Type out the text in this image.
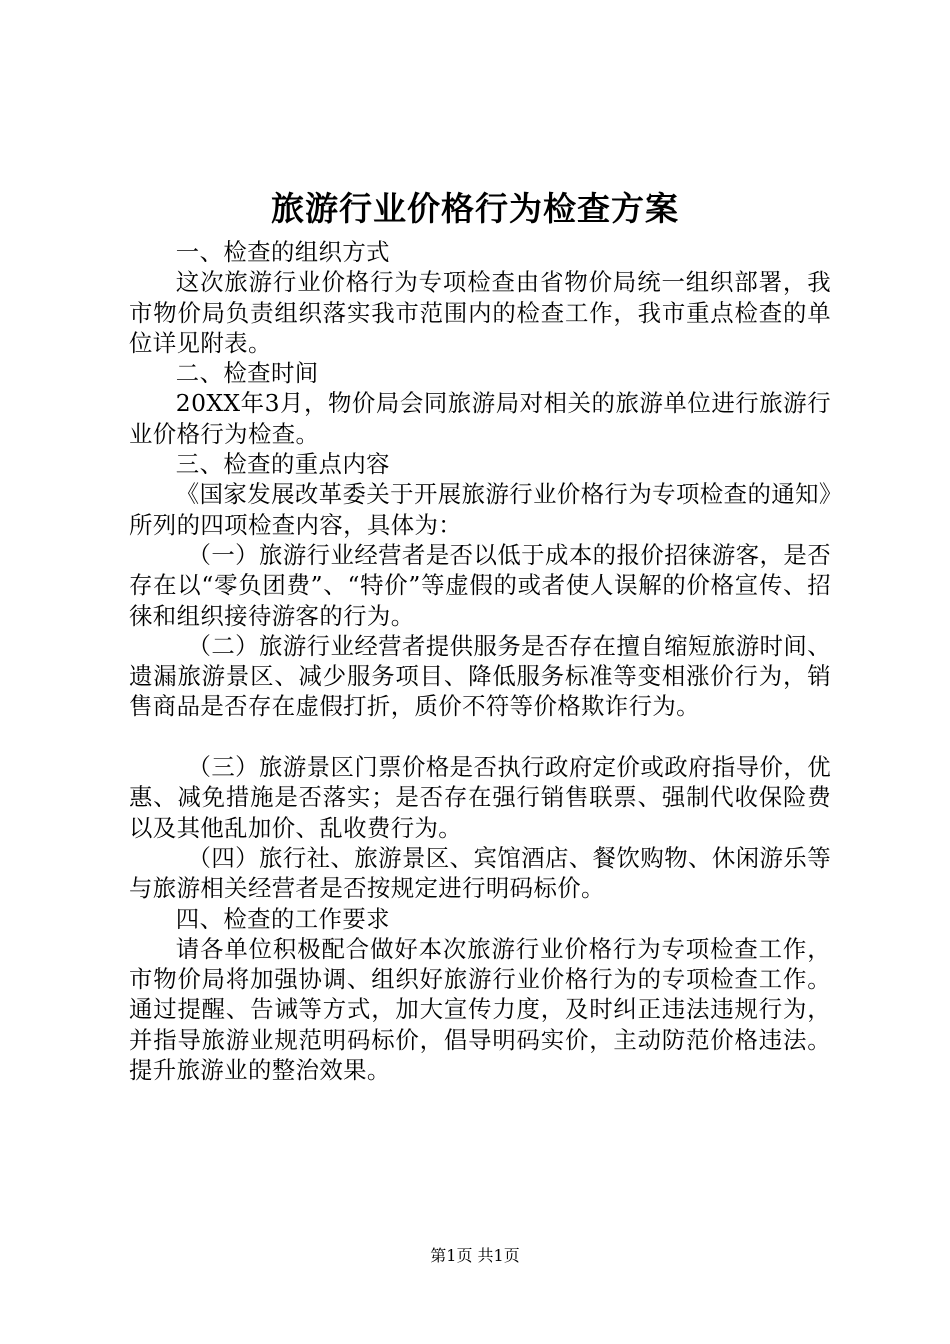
旅游行业价格行为检查方案

一、检查的组织方式

这次旅游行业价格行为专项检查由省物价局统一组织部署，我市物价局负责组织落实我市范围内的检查工作，我市重点检查的单位详见附表。

二、检查时间

20XX年3月，物价局会同旅游局对相关的旅游单位进行旅游行业价格行为检查。

三、检查的重点内容

《国家发展改革委关于开展旅游行业价格行为专项检查的通知》所列的四项检查内容，具体为：

（一）旅游行业经营者是否以低于成本的报价招徕游客，是否存在以“零负团费”、“特价”等虚假的或者使人误解的价格宣传、招徕和组织接待游客的行为。

（二）旅游行业经营者提供服务是否存在擅自缩短旅游时间、遗漏旅游景区、减少服务项目、降低服务标准等变相涨价行为，销售商品是否存在虚假打折，质价不符等价格欺诈行为。

（三）旅游景区门票价格是否执行政府定价或政府指导价，优惠、减免措施是否落实；是否存在强行销售联票、强制代收保险费以及其他乱加价、乱收费行为。

（四）旅行社、旅游景区、宾馆酒店、餐饮购物、休闲游乐等与旅游相关经营者是否按规定进行明码标价。

四、检查的工作要求

请各单位积极配合做好本次旅游行业价格行为专项检查工作，市物价局将加强协调、组织好旅游行业价格行为的专项检查工作。通过提醒、告诫等方式，加大宣传力度，及时纠正违法违规行为，并指导旅游业规范明码标价，倡导明码实价，主动防范价格违法。提升旅游业的整治效果。

第1页 共1页
